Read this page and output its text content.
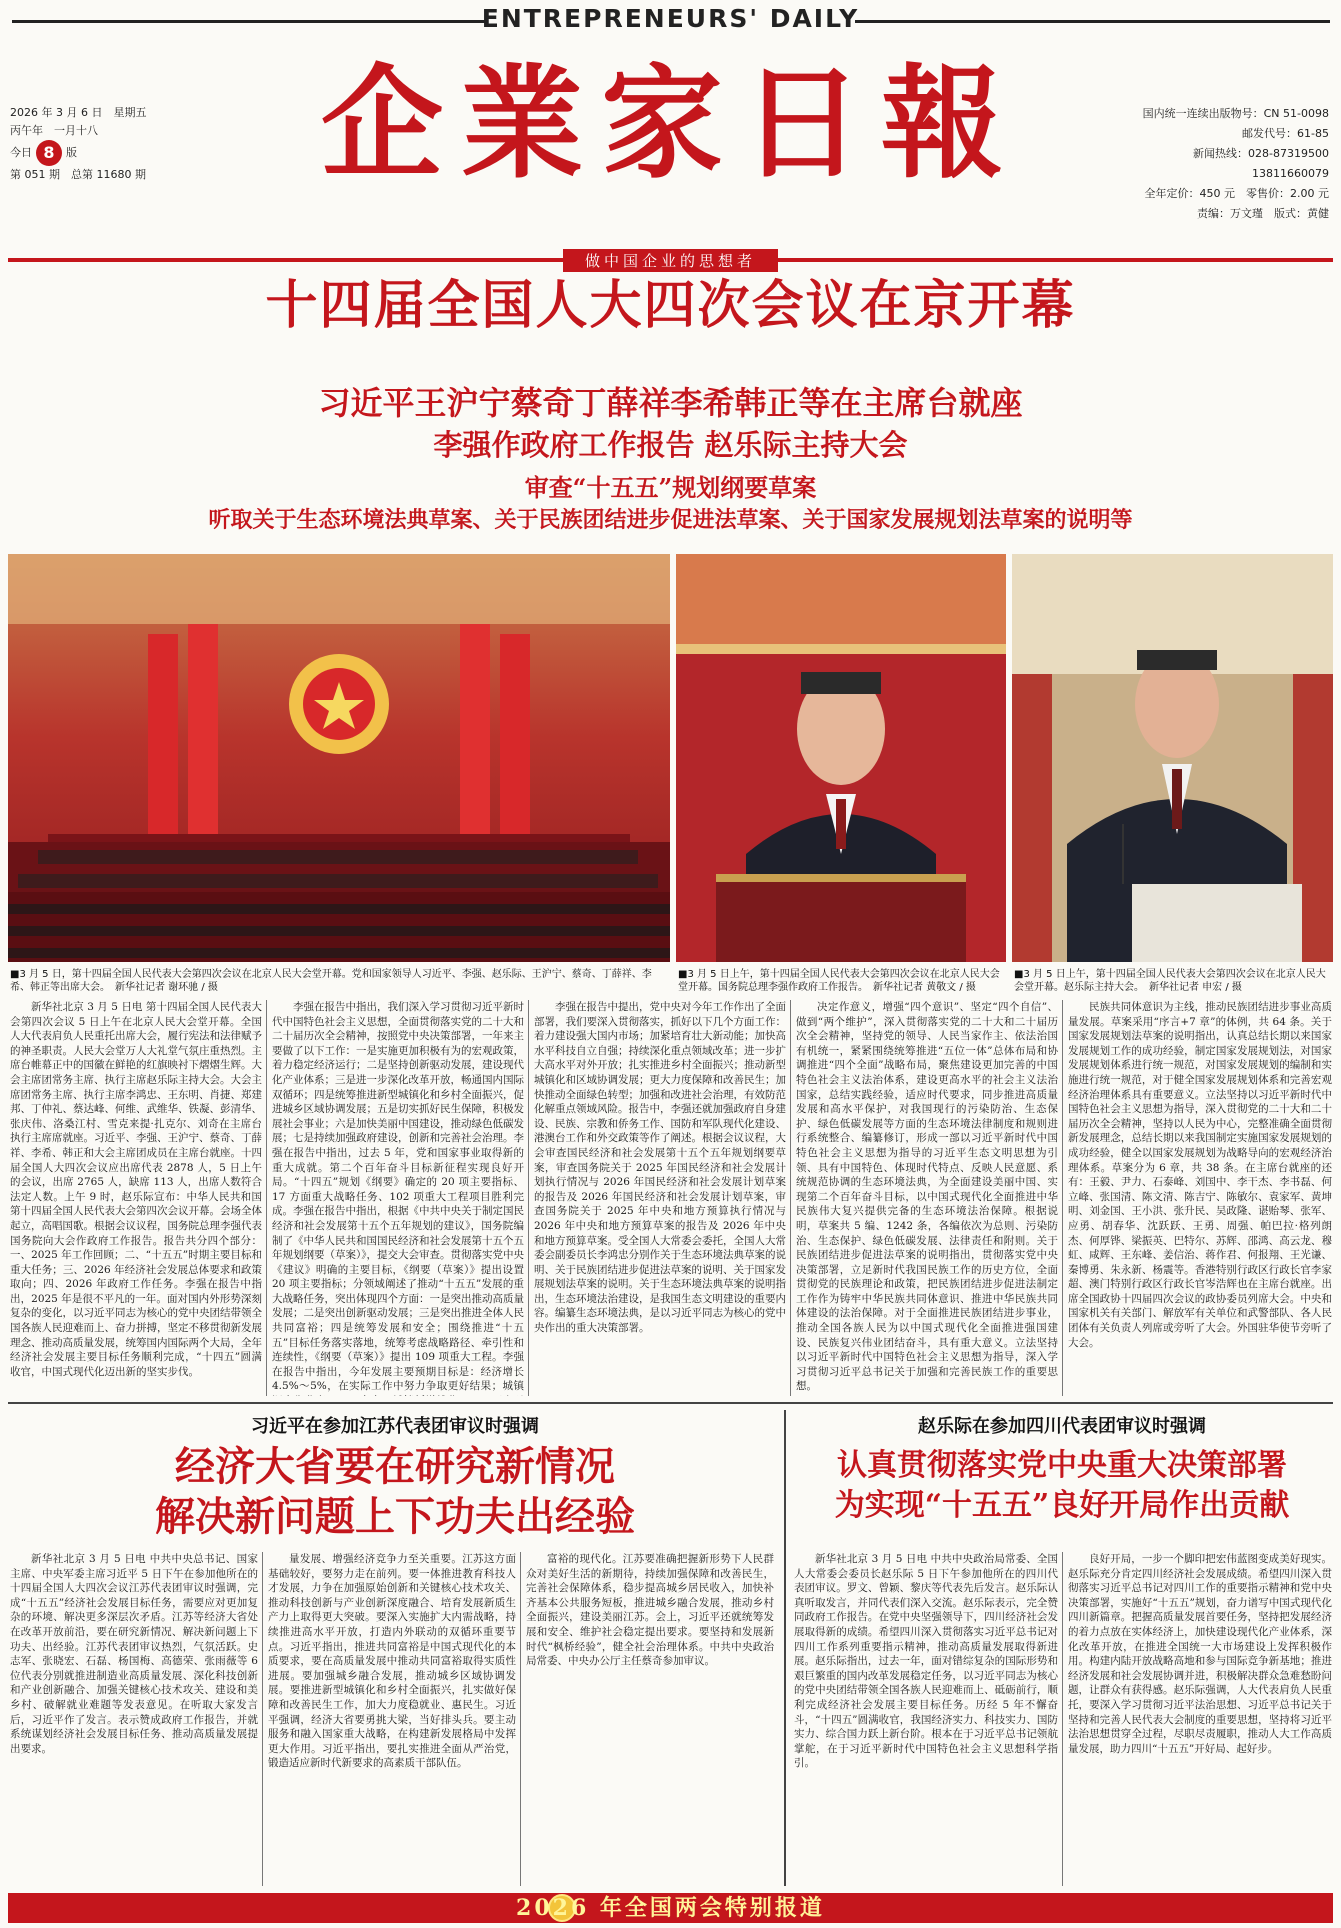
ENTREPRENEURS' DAILY
2026 年 3 月 6 日　 星期五
丙午年　一月十八
今日 8 版
第 051 期　 总第 11680 期 企業家日報	国内统一连续出版物号：CN 51-0098
邮发代号：61-85
新闻热线：028-87319500
13811660079
全年定价：450 元　零售价：2.00 元
责编：万文瑾　版式：黄健
做中国企业的思想者
十四届全国人大四次会议在京开幕
习近平王沪宁蔡奇丁薛祥李希韩正等在主席台就座
李强作政府工作报告 赵乐际主持大会
审查“十五五”规划纲要草案
听取关于生态环境法典草案、关于民族团结进步促进法草案、关于国家发展规划法草案的说明等
■3 月 5 日，第十四届全国人民代表大会第四次会议在北京人民大会堂开幕。党和国家领导人习近平、李强、赵乐际、王沪宁、蔡奇、丁薛祥、李希、韩正等出席大会。　新华社记者 谢环驰 / 摄
■3 月 5 日上午，第十四届全国人民代表大会第四次会议在北京人民大会堂开幕。国务院总理李强作政府工作报告。　新华社记者 黄敬文 / 摄
■3 月 5 日上午，第十四届全国人民代表大会第四次会议在北京人民大会堂开幕。赵乐际主持大会。　新华社记者 申宏 / 摄

新华社北京 3 月 5 日电 第十四届全国人民代表大会第四次会议 5 日上午在北京人民大会堂开幕。全国人大代表肩负人民重托出席大会，履行宪法和法律赋予的神圣职责。人民大会堂万人大礼堂气氛庄重热烈。主席台帷幕正中的国徽在鲜艳的红旗映衬下熠熠生辉。大会主席团常务主席、执行主席赵乐际主持大会。大会主席团常务主席、执行主席李鸿忠、王东明、肖捷、郑建邦、丁仲礼、蔡达峰、何维、武维华、铁凝、彭清华、张庆伟、洛桑江村、雪克来提·扎克尔、刘奇在主席台执行主席席就座。习近平、李强、王沪宁、蔡奇、丁薛祥、李希、韩正和大会主席团成员在主席台就座。十四届全国人大四次会议应出席代表 2878 人，5 日上午的会议，出席 2765 人，缺席 113 人，出席人数符合法定人数。上午 9 时，赵乐际宣布：中华人民共和国第十四届全国人民代表大会第四次会议开幕。会场全体起立，高唱国歌。根据会议议程，国务院总理李强代表国务院向大会作政府工作报告。报告共分四个部分：一、2025 年工作回顾；二、“十五五”时期主要目标和重大任务；三、2026 年经济社会发展总体要求和政策取向；四、2026 年政府工作任务。李强在报告中指出，2025 年是很不平凡的一年。面对国内外形势深刻复杂的变化，以习近平同志为核心的党中央团结带领全国各族人民迎难而上、奋力拼搏，坚定不移贯彻新发展理念、推动高质量发展，统筹国内国际两个大局，全年经济社会发展主要目标任务顺利完成，“十四五”圆满收官，中国式现代化迈出新的坚实步伐。

李强在报告中指出，我们深入学习贯彻习近平新时代中国特色社会主义思想，全面贯彻落实党的二十大和二十届历次全会精神，按照党中央决策部署，一年来主要做了以下工作：一是实施更加积极有为的宏观政策，着力稳定经济运行；二是坚持创新驱动发展，建设现代化产业体系；三是进一步深化改革开放，畅通国内国际双循环；四是统筹推进新型城镇化和乡村全面振兴，促进城乡区域协调发展；五是切实抓好民生保障，积极发展社会事业；六是加快美丽中国建设，推动绿色低碳发展；七是持续加强政府建设，创新和完善社会治理。李强在报告中指出，过去 5 年，党和国家事业取得新的重大成就。第二个百年奋斗目标新征程实现良好开局。“十四五”规划《纲要》确定的 20 项主要指标、17 方面重大战略任务、102 项重大工程项目胜利完成。李强在报告中指出，根据《中共中央关于制定国民经济和社会发展第十五个五年规划的建议》，国务院编制了《中华人民共和国国民经济和社会发展第十五个五年规划纲要（草案）》，提交大会审查。贯彻落实党中央《建议》明确的主要目标，《纲要（草案）》提出设置 20 项主要指标；分领域阐述了推动“十五五”发展的重大战略任务，突出体现四个方面：一是突出推动高质量发展；二是突出创新驱动发展；三是突出推进全体人民共同富裕；四是统筹发展和安全；围绕推进“十五五”目标任务落实落地，统筹考虑战略路径、牵引性和连续性，《纲要（草案）》提出 109 项重大工程。李强在报告中指出，今年发展主要预期目标是：经济增长 4.5%～5%，在实际工作中努力争取更好结果；城镇

李强在报告中提出，党中央对今年工作作出了全面部署，我们要深入贯彻落实，抓好以下几个方面工作：着力建设强大国内市场；加紧培育壮大新动能；加快高水平科技自立自强；持续深化重点领域改革；进一步扩大高水平对外开放；扎实推进乡村全面振兴；推动新型城镇化和区域协调发展；更大力度保障和改善民生；加快推动全面绿色转型；加强和改进社会治理，有效防范化解重点领域风险。报告中，李强还就加强政府自身建设、民族、宗教和侨务工作、国防和军队现代化建设、港澳台工作和外交政策等作了阐述。根据会议议程，大会审查国民经济和社会发展第十五个五年规划纲要草案，审查国务院关于 2025 年国民经济和社会发展计划执行情况与 2026 年国民经济和社会发展计划草案的报告及 2026 年国民经济和社会发展计划草案，审查国务院关于 2025 年中央和地方预算执行情况与 2026 年中央和地方预算草案的报告及 2026 年中央和地方预算草案。受全国人大常委会委托，全国人大常委会副委员长李鸿忠分别作关于生态环境法典草案的说明、关于民族团结进步促进法草案的说明、关于国家发展规划法草案的说明。关于生态环境法典草案的说明指出，生态环境法治建设，是我国生态文明建设的重要内容。编纂生态环境法典，是以习近平同志为核心的党中央作出的重大决策部署。

决定作意义，增强“四个意识”、坚定“四个自信”、做到“两个维护”，深入贯彻落实党的二十大和二十届历次全会精神，坚持党的领导、人民当家作主、依法治国有机统一，紧紧围绕统筹推进“五位一体”总体布局和协调推进“四个全面”战略布局，聚焦建设更加完善的中国特色社会主义法治体系，建设更高水平的社会主义法治国家，总结实践经验，适应时代要求，同步推进高质量发展和高水平保护，对我国现行的污染防治、生态保护、绿色低碳发展等方面的生态环境法律制度和规则进行系统整合、编纂修订，形成一部以习近平新时代中国特色社会主义思想为指导的习近平生态文明思想为引领、具有中国特色、体现时代特点、反映人民意愿、系统规范协调的生态环境法典，为全面建设美丽中国、实现第二个百年奋斗目标，以中国式现代化全面推进中华民族伟大复兴提供完备的生态环境法治保障。根据说明，草案共 5 编、1242 条，各编依次为总则、污染防治、生态保护、绿色低碳发展、法律责任和附则。关于民族团结进步促进法草案的说明指出，贯彻落实党中央决策部署，立足新时代我国民族工作的历史方位，全面贯彻党的民族理论和政策，把民族团结进步促进法制定工作作为铸牢中华民族共同体意识、推进中华民族共同体建设的法治保障。对于全面推进民族团结进步事业，推动全国各族人民为以中国式现代化全面推进强国建设、民族复兴伟业团结奋斗，具有重大意义。立法坚持以习近平新时代中国特色社会主义思想为指导，深入学习贯彻习近平总书记关于加强和完善民族工作的重要思想。

民族共同体意识为主线，推动民族团结进步事业高质量发展。草案采用“序言+7 章”的体例，共 64 条。关于国家发展规划法草案的说明指出，认真总结长期以来国家发展规划工作的成功经验，制定国家发展规划法，对国家发展规划体系进行统一规范，对国家发展规划的编制和实施进行统一规范，对于健全国家发展规划体系和完善宏观经济治理体系具有重要意义。立法坚持以习近平新时代中国特色社会主义思想为指导，深入贯彻党的二十大和二十届历次全会精神，坚持以人民为中心，完整准确全面贯彻新发展理念，总结长期以来我国制定实施国家发展规划的成功经验，健全以国家发展规划为战略导向的宏观经济治理体系。草案分为 6 章，共 38 条。在主席台就座的还有：王毅、尹力、石泰峰、刘国中、李干杰、李书磊、何立峰、张国清、陈文清、陈吉宁、陈敏尔、袁家军、黄坤明、刘金国、王小洪、张升民、吴政隆、谌贻琴、张军、应勇、胡春华、沈跃跃、王勇、周强、帕巴拉·格列朗杰、何厚铧、梁振英、巴特尔、苏辉、邵鸿、高云龙、穆虹、咸辉、王东峰、姜信治、蒋作君、何报翔、王光谦、秦博勇、朱永新、杨震等。香港特别行政区行政长官李家超、澳门特别行政区行政长官岑浩辉也在主席台就座。出席全国政协十四届四次会议的政协委员列席大会。中央和国家机关有关部门、解放军有关单位和武警部队、各人民团体有关负责人列席或旁听了大会。外国驻华使节旁听了大会。

习近平在参加江苏代表团审议时强调
经济大省要在研究新情况
解决新问题上下功夫出经验

新华社北京 3 月 5 日电 中共中央总书记、国家主席、中央军委主席习近平 5 日下午在参加他所在的十四届全国人大四次会议江苏代表团审议时强调，完成“十五五”经济社会发展目标任务，需要应对更加复杂的环境、解决更多深层次矛盾。江苏等经济大省处在改革开放前沿，要在研究新情况、解决新问题上下功夫、出经验。江苏代表团审议热烈，气氛活跃。史志军、张晓宏、石磊、杨国梅、高德荣、张雨薇等 6 位代表分别就推进制造业高质量发展、深化科技创新和产业创新融合、加强关键核心技术攻关、建设和美乡村、破解就业难题等发表意见。在听取大家发言后，习近平作了发言。表示赞成政府工作报告，并就系统谋划经济社会发展目标任务、推动高质量发展提出要求。

量发展、增强经济竞争力至关重要。江苏这方面基础较好，要努力走在前列。要一体推进教育科技人才发展，力争在加强原始创新和关键核心技术攻关、推动科技创新与产业创新深度融合、培育发展新质生产力上取得更大突破。要深入实施扩大内需战略，持续推进高水平开放，打造内外联动的双循环重要节点。习近平指出，推进共同富裕是中国式现代化的本质要求，要在高质量发展中推动共同富裕取得实质性进展。要加强城乡融合发展，推动城乡区域协调发展。要推进新型城镇化和乡村全面振兴，扎实做好保障和改善民生工作，加大力度稳就业、惠民生。习近平强调，经济大省要勇挑大梁，当好排头兵。要主动服务和融入国家重大战略，在构建新发展格局中发挥更大作用。习近平指出，要扎实推进全面从严治党，锻造适应新时代新要求的高素质干部队伍。

富裕的现代化。江苏要准确把握新形势下人民群众对美好生活的新期待，持续加强保障和改善民生，完善社会保障体系，稳步提高城乡居民收入，加快补齐基本公共服务短板，推进城乡融合发展，推动乡村全面振兴，建设美丽江苏。会上，习近平还就统筹发展和安全、维护社会稳定提出要求。要坚持和发展新时代“枫桥经验”，健全社会治理体系。中共中央政治局常委、中央办公厅主任蔡奇参加审议。

赵乐际在参加四川代表团审议时强调
认真贯彻落实党中央重大决策部署
为实现“十五五”良好开局作出贡献

新华社北京 3 月 5 日电 中共中央政治局常委、全国人大常委会委员长赵乐际 5 日下午参加他所在的四川代表团审议。罗文、曾颖、黎庆等代表先后发言。赵乐际认真听取发言，并同代表们深入交流。赵乐际表示，完全赞同政府工作报告。在党中央坚强领导下，四川经济社会发展取得新的成绩。希望四川深入贯彻落实习近平总书记对四川工作系列重要指示精神，推动高质量发展取得新进展。赵乐际指出，过去一年，面对错综复杂的国际形势和艰巨繁重的国内改革发展稳定任务，以习近平同志为核心的党中央团结带领全国各族人民迎难而上、砥砺前行，顺利完成经济社会发展主要目标任务。历经 5 年不懈奋斗，“十四五”圆满收官，我国经济实力、科技实力、国防实力、综合国力跃上新台阶。根本在于习近平总书记领航掌舵，在于习近平新时代中国特色社会主义思想科学指引。

良好开局，一步一个脚印把宏伟蓝图变成美好现实。赵乐际充分肯定四川经济社会发展成绩。希望四川深入贯彻落实习近平总书记对四川工作的重要指示精神和党中央决策部署，实施好“十五五”规划，奋力谱写中国式现代化四川新篇章。把握高质量发展首要任务，坚持把发展经济的着力点放在实体经济上，加快建设现代化产业体系，深化改革开放，在推进全国统一大市场建设上发挥积极作用。构建内陆开放战略高地和参与国际竞争新基地；推进经济发展和社会发展协调并进，积极解决群众急难愁盼问题，让群众有获得感。赵乐际强调，人大代表肩负人民重托，要深入学习贯彻习近平法治思想、习近平总书记关于坚持和完善人民代表大会制度的重要思想，坚持将习近平法治思想贯穿全过程，尽职尽责履职，推动人大工作高质量发展，助力四川“十五五”开好局、起好步。

2026 年全国两会特别报道
